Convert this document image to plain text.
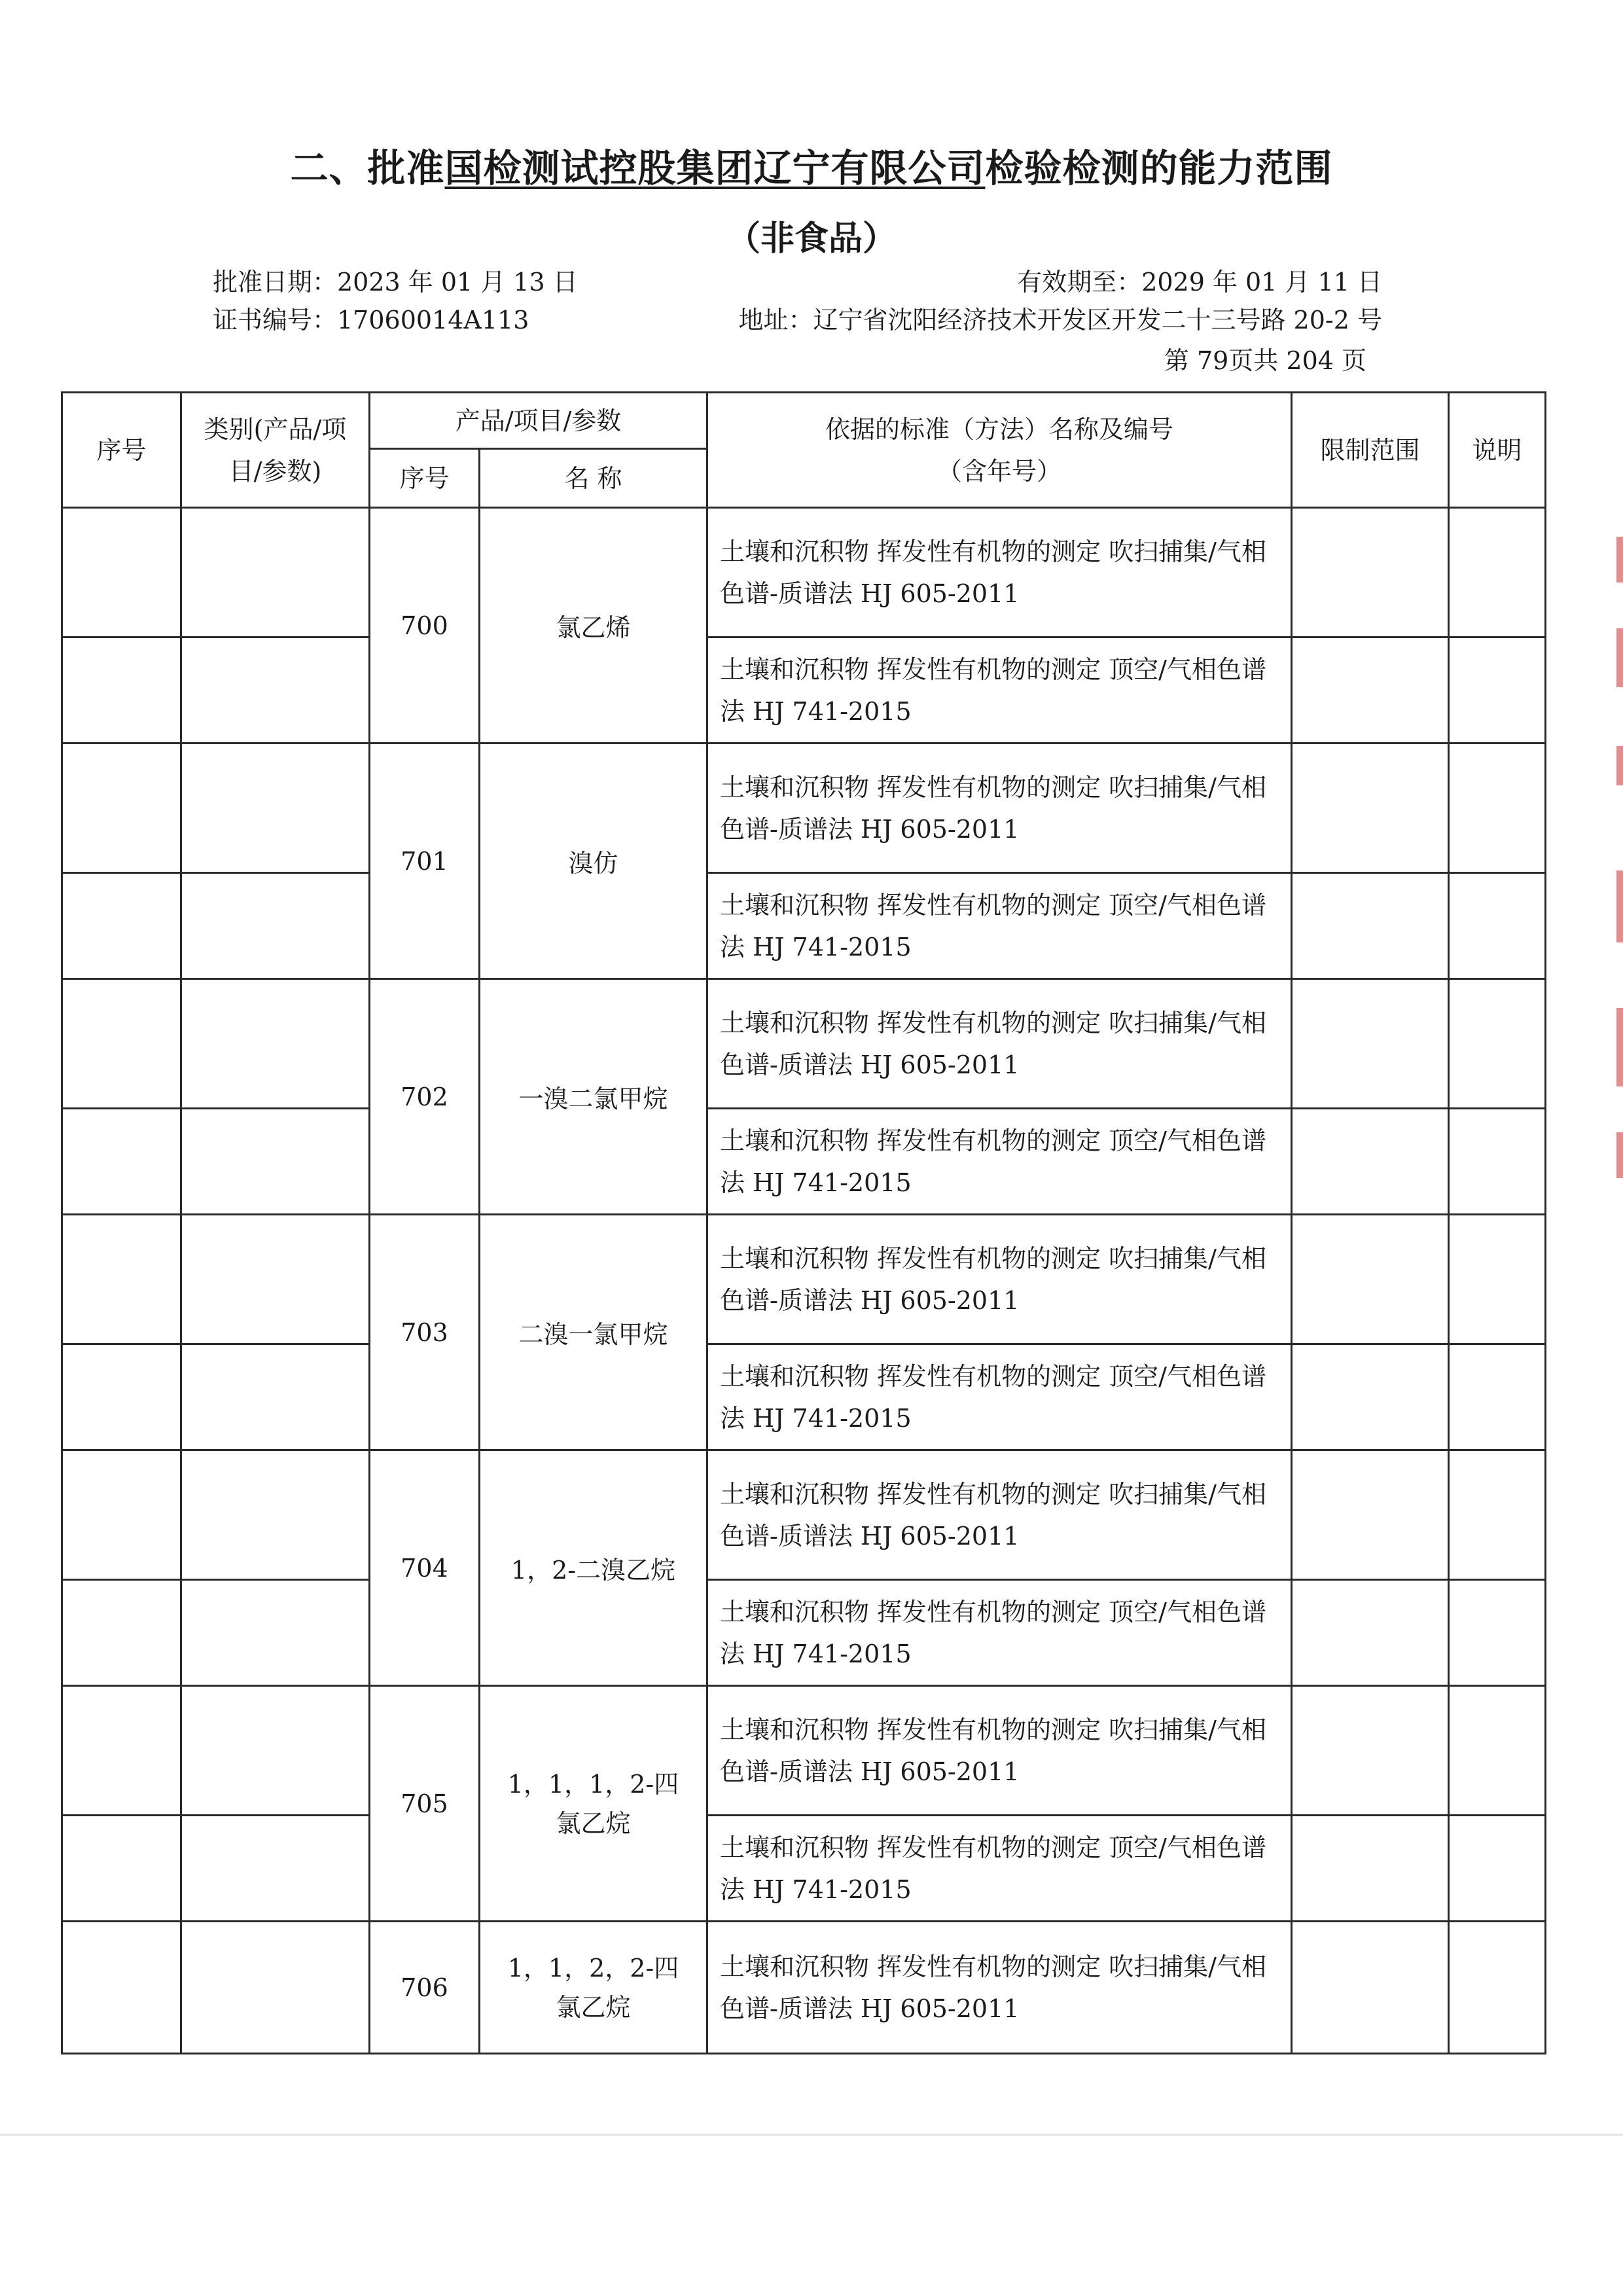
二、批准国检测试控股集团辽宁有限公司检验检测的能力范围
（非食品）
批准日期：2023 年 01 月 13 日	有效期至：2029 年 01 月 11 日
证书编号：17060014A113	地址：辽宁省沈阳经济技术开发区开发二十三号路 20-2 号
第 79页共 204 页
序号	类别(产品/项目/参数)	产品/项目/参数		依据的标准（方法）名称及编号（含年号）	限制范围	说明
		序号	名 称			
		700	氯乙烯	土壤和沉积物 挥发性有机物的测定 吹扫捕集/气相色谱-质谱法 HJ 605-2011		
				土壤和沉积物 挥发性有机物的测定 顶空/气相色谱法 HJ 741-2015		
		701	溴仿	土壤和沉积物 挥发性有机物的测定 吹扫捕集/气相色谱-质谱法 HJ 605-2011		
				土壤和沉积物 挥发性有机物的测定 顶空/气相色谱法 HJ 741-2015		
		702	一溴二氯甲烷	土壤和沉积物 挥发性有机物的测定 吹扫捕集/气相色谱-质谱法 HJ 605-2011		
				土壤和沉积物 挥发性有机物的测定 顶空/气相色谱法 HJ 741-2015		
		703	二溴一氯甲烷	土壤和沉积物 挥发性有机物的测定 吹扫捕集/气相色谱-质谱法 HJ 605-2011		
				土壤和沉积物 挥发性有机物的测定 顶空/气相色谱法 HJ 741-2015		
		704	1，2-二溴乙烷	土壤和沉积物 挥发性有机物的测定 吹扫捕集/气相色谱-质谱法 HJ 605-2011		
				土壤和沉积物 挥发性有机物的测定 顶空/气相色谱法 HJ 741-2015		
		705	1，1，1，2-四氯乙烷	土壤和沉积物 挥发性有机物的测定 吹扫捕集/气相色谱-质谱法 HJ 605-2011		
				土壤和沉积物 挥发性有机物的测定 顶空/气相色谱法 HJ 741-2015		
		706	1，1，2，2-四氯乙烷	土壤和沉积物 挥发性有机物的测定 吹扫捕集/气相色谱-质谱法 HJ 605-2011		
